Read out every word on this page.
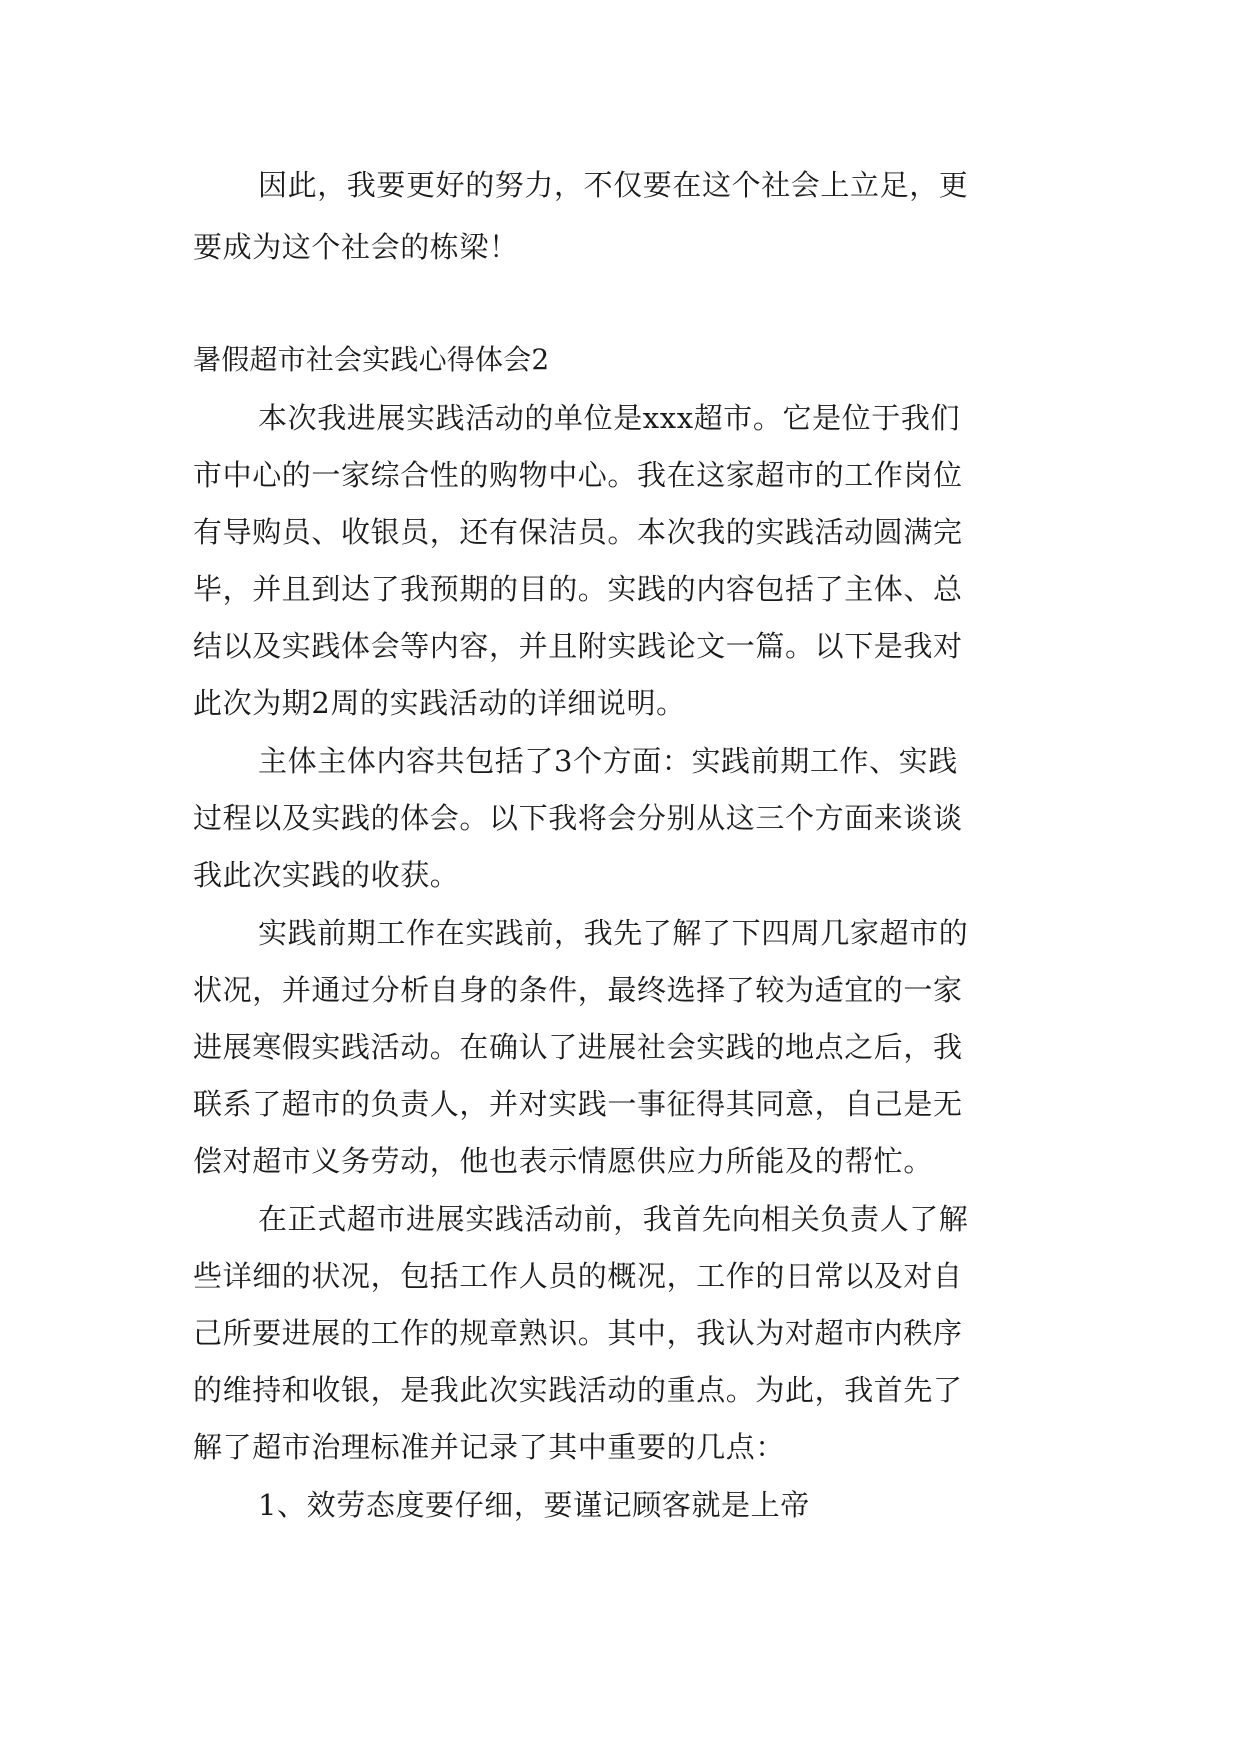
因此，我要更好的努力，不仅要在这个社会上立足，更
要成为这个社会的栋梁！
暑假超市社会实践心得体会2
本次我进展实践活动的单位是xxx超市。它是位于我们
市中心的一家综合性的购物中心。我在这家超市的工作岗位
有导购员、收银员，还有保洁员。本次我的实践活动圆满完
毕，并且到达了我预期的目的。实践的内容包括了主体、总
结以及实践体会等内容，并且附实践论文一篇。以下是我对
此次为期2周的实践活动的详细说明。
主体主体内容共包括了3个方面：实践前期工作、实践
过程以及实践的体会。以下我将会分别从这三个方面来谈谈
我此次实践的收获。
实践前期工作在实践前，我先了解了下四周几家超市的
状况，并通过分析自身的条件，最终选择了较为适宜的一家
进展寒假实践活动。在确认了进展社会实践的地点之后，我
联系了超市的负责人，并对实践一事征得其同意，自己是无
偿对超市义务劳动，他也表示情愿供应力所能及的帮忙。
在正式超市进展实践活动前，我首先向相关负责人了解
些详细的状况，包括工作人员的概况，工作的日常以及对自
己所要进展的工作的规章熟识。其中，我认为对超市内秩序
的维持和收银，是我此次实践活动的重点。为此，我首先了
解了超市治理标准并记录了其中重要的几点：
1、效劳态度要仔细，要谨记顾客就是上帝
